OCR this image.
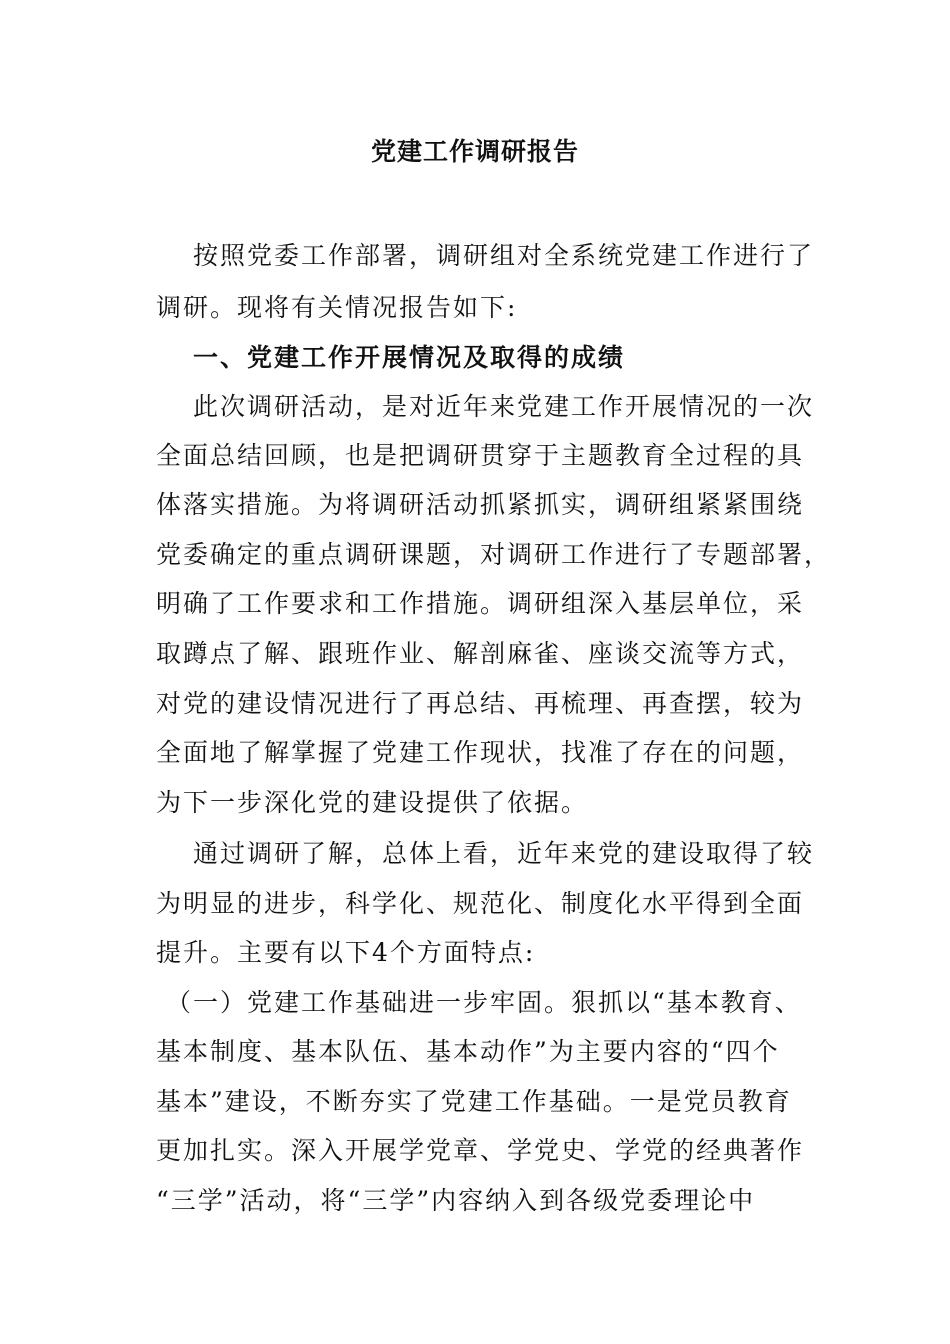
党建工作调研报告

按照党委工作部署，调研组对全系统党建工作进行了

调研。现将有关情况报告如下:

一、党建工作开展情况及取得的成绩

此次调研活动，是对近年来党建工作开展情况的一次

全面总结回顾，也是把调研贯穿于主题教育全过程的具

体落实措施。为将调研活动抓紧抓实，调研组紧紧围绕

党委确定的重点调研课题，对调研工作进行了专题部署，

明确了工作要求和工作措施。调研组深入基层单位，采

取蹲点了解、跟班作业、解剖麻雀、座谈交流等方式，

对党的建设情况进行了再总结、再梳理、再查摆，较为

全面地了解掌握了党建工作现状，找准了存在的问题，

为下一步深化党的建设提供了依据。

通过调研了解，总体上看，近年来党的建设取得了较

为明显的进步，科学化、规范化、制度化水平得到全面

提升。主要有以下4个方面特点:

（一）党建工作基础进一步牢固。狠抓以“基本教育、

基本制度、基本队伍、基本动作”为主要内容的“四个

基本”建设，不断夯实了党建工作基础。一是党员教育

更加扎实。深入开展学党章、学党史、学党的经典著作

“三学”活动，将“三学”内容纳入到各级党委理论中
